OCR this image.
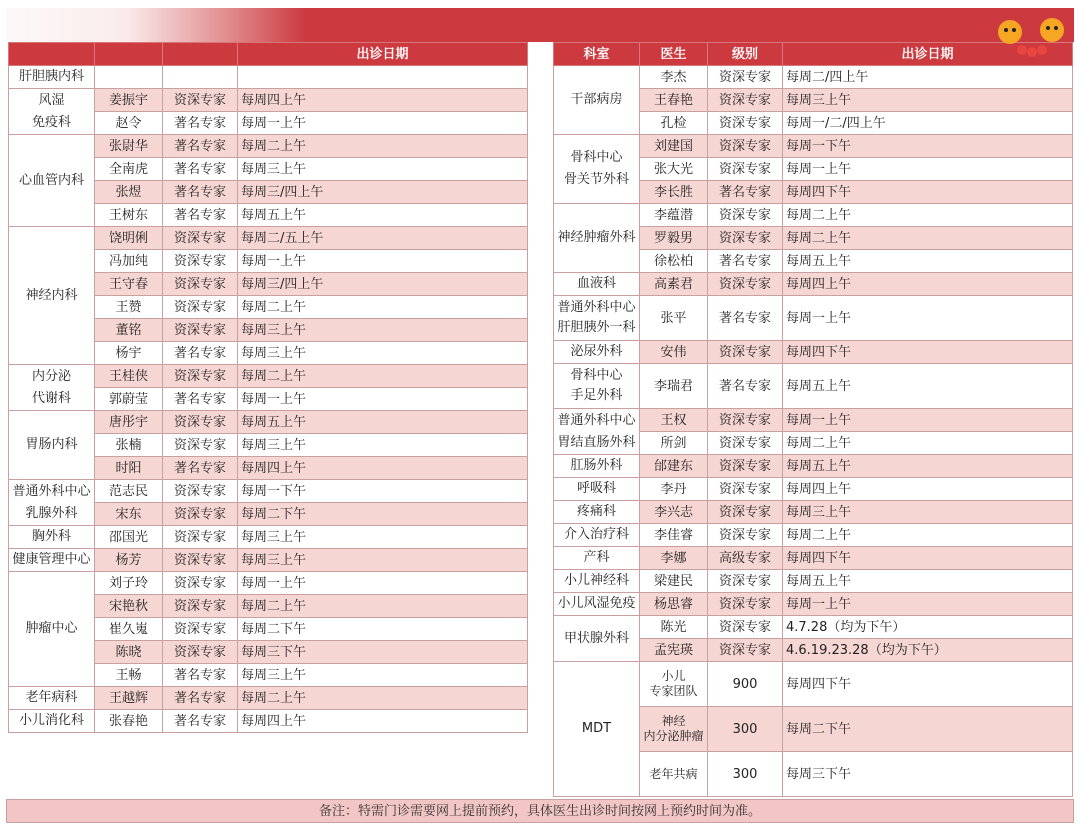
			出诊日期

肝胆胰内科			

风湿
免疫科	姜振宇	资深专家	每周四上午
	赵令	著名专家	每周一上午

心血管内科	张尉华	著名专家	每周二上午
	全南虎	著名专家	每周三上午
	张煜	著名专家	每周三/四上午
	王树东	著名专家	每周五上午

神经内科	饶明俐	资深专家	每周二/五上午
	冯加纯	资深专家	每周一上午
	王守春	资深专家	每周三/四上午
	王赞	资深专家	每周二上午
	董铭	资深专家	每周三上午
	杨宇	著名专家	每周三上午

内分泌
代谢科	王桂侠	资深专家	每周二上午
	郭蔚莹	著名专家	每周一上午

胃肠内科	唐彤宇	资深专家	每周五上午
	张楠	资深专家	每周三上午
	时阳	著名专家	每周四上午

普通外科中心
乳腺外科	范志民	资深专家	每周一下午
	宋东	资深专家	每周二下午

胸外科	邵国光	资深专家	每周三上午

健康管理中心	杨芳	资深专家	每周三上午

肿瘤中心	刘子玲	资深专家	每周一上午
	宋艳秋	资深专家	每周二上午
	崔久嵬	资深专家	每周二下午
	陈晓	资深专家	每周三下午
	王畅	著名专家	每周三上午

老年病科	王越辉	著名专家	每周二上午

小儿消化科	张春艳	著名专家	每周四上午
科室	医生	级别	出诊日期

干部病房	李杰	资深专家	每周二/四上午
	王春艳	资深专家	每周三上午
	孔检	资深专家	每周一/二/四上午

骨科中心
骨关节外科	刘建国	资深专家	每周一下午
	张大光	资深专家	每周一上午
	李长胜	著名专家	每周四下午

神经肿瘤外科	李蕴潜	资深专家	每周二上午
	罗毅男	资深专家	每周二上午
	徐松柏	著名专家	每周五上午

血液科	高素君	资深专家	每周四上午

普通外科中心
肝胆胰外一科	张平	著名专家	每周一上午

泌尿外科	安伟	资深专家	每周四下午

骨科中心
手足外科	李瑞君	著名专家	每周五上午

普通外科中心
胃结直肠外科	王权	资深专家	每周一上午
	所剑	资深专家	每周二上午

肛肠外科	邰建东	资深专家	每周五上午

呼吸科	李丹	资深专家	每周四上午

疼痛科	李兴志	资深专家	每周三上午

介入治疗科	李佳睿	资深专家	每周二上午

产科	李娜	高级专家	每周四下午

小儿神经科	梁建民	资深专家	每周五上午

小儿风湿免疫	杨思睿	资深专家	每周一上午

甲状腺外科	陈光	资深专家	4.7.28（均为下午）
	孟宪瑛	资深专家	4.6.19.23.28（均为下午）

MDT	小儿
专家团队	900	每周四下午
	神经
内分泌肿瘤	300	每周二下午
	老年共病	300	每周三下午
备注：特需门诊需要网上提前预约，具体医生出诊时间按网上预约时间为准。
